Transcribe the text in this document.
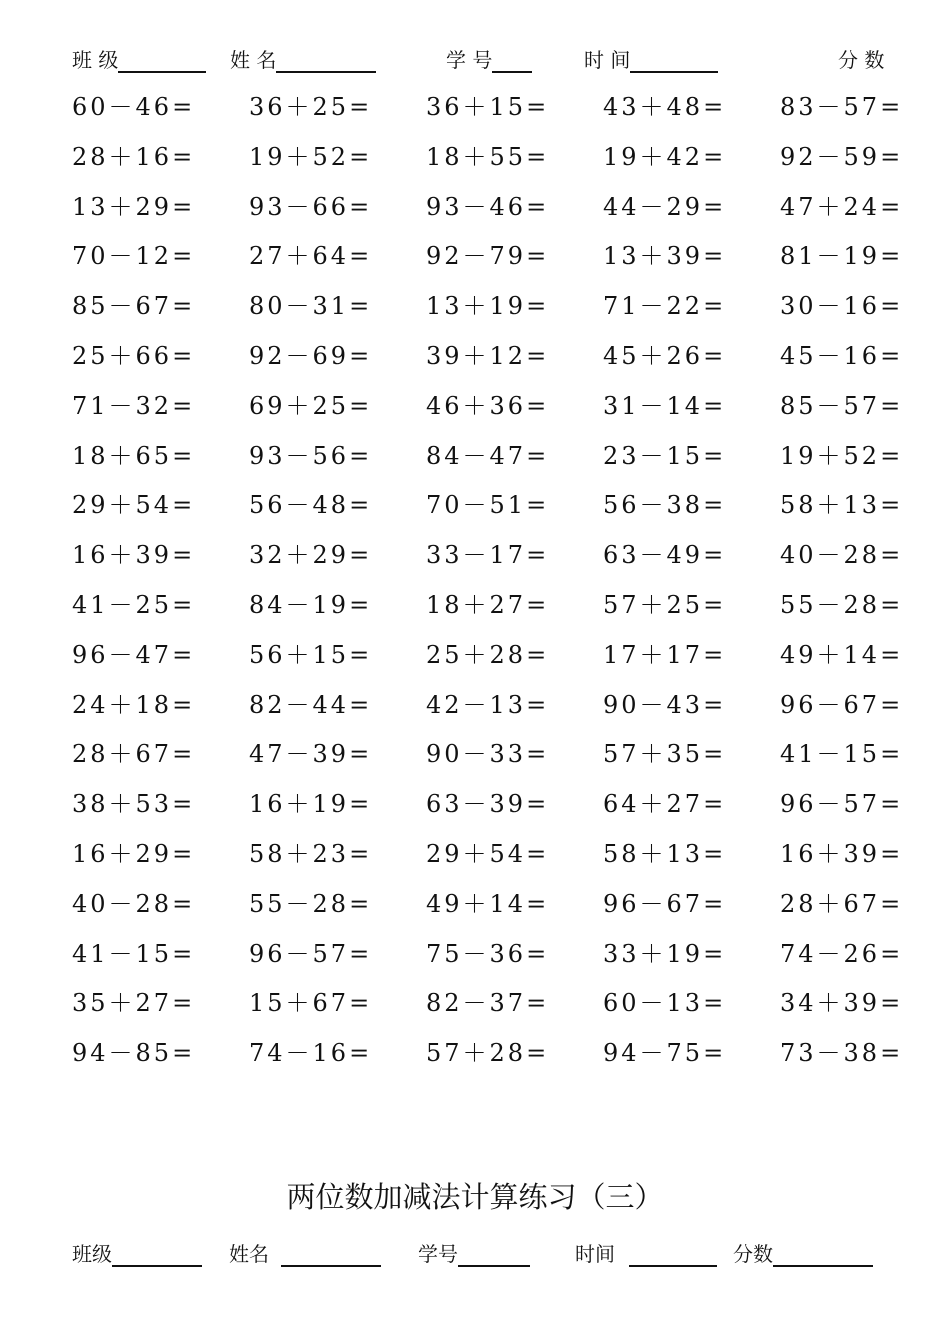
班 级	姓 名	学 号	时 间	分 数
60－46= 36＋25= 36＋15= 43＋48= 83－57=
28＋16= 19＋52= 18＋55= 19＋42= 92－59=
13＋29= 93－66= 93－46= 44－29= 47＋24=
70－12= 27＋64= 92－79= 13＋39= 81－19=
85－67= 80－31= 13＋19= 71－22= 30－16=
25＋66= 92－69= 39＋12= 45＋26= 45－16=
71－32= 69＋25= 46＋36= 31－14= 85－57=
18＋65= 93－56= 84－47= 23－15= 19＋52=
29＋54= 56－48= 70－51= 56－38= 58＋13=
16＋39= 32＋29= 33－17= 63－49= 40－28=
41－25= 84－19= 18＋27= 57＋25= 55－28=
96－47= 56＋15= 25＋28= 17＋17= 49＋14=
24＋18= 82－44= 42－13= 90－43= 96－67=
28＋67= 47－39= 90－33= 57＋35= 41－15=
38＋53= 16＋19= 63－39= 64＋27= 96－57=
16＋29= 58＋23= 29＋54= 58＋13= 16＋39=
40－28= 55－28= 49＋14= 96－67= 28＋67=
41－15= 96－57= 75－36= 33＋19= 74－26=
35＋27= 15＋67= 82－37= 60－13= 34＋39=
94－85= 74－16= 57＋28= 94－75= 73－38=
两位数加减法计算练习（三）
班级	姓名	学号	时间	分数
